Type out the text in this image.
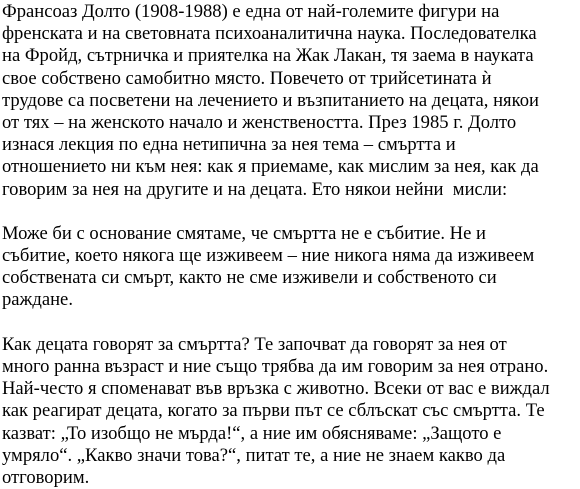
Франсоаз Долто (1908-1988) е една от най-големите фигури на
френската и на световната психоаналитична наука. Последователка
на Фройд, сътрничка и приятелка на Жак Лакан, тя заема в науката
свое собствено самобитно място. Повечето от трийсетината ѝ
трудове са посветени на лечението и възпитанието на децата, някои
от тях – на женското начало и женствеността. През 1985 г. Долто
изнася лекция по една нетипична за нея тема – смъртта и
отношението ни към нея: как я приемаме, как мислим за нея, как да
говорим за нея на другите и на децата. Ето някои нейни  мисли:
Може би с основание смятаме, че смъртта не е събитие. Не и
събитие, което някога ще изживеем – ние никога няма да изживеем
собствената си смърт, както не сме изживели и собственото си
раждане.
Как децата говорят за смъртта? Те започват да говорят за нея от
много ранна възраст и ние също трябва да им говорим за нея отрано.
Най-често я споменават във връзка с животно. Всеки от вас е виждал
как реагират децата, когато за първи път се сблъскат със смъртта. Те
казват: „То изобщо не мърда!“, а ние им обясняваме: „Защото е
умряло“. „Какво значи това?“, питат те, а ние не знаем какво да
отговорим.
